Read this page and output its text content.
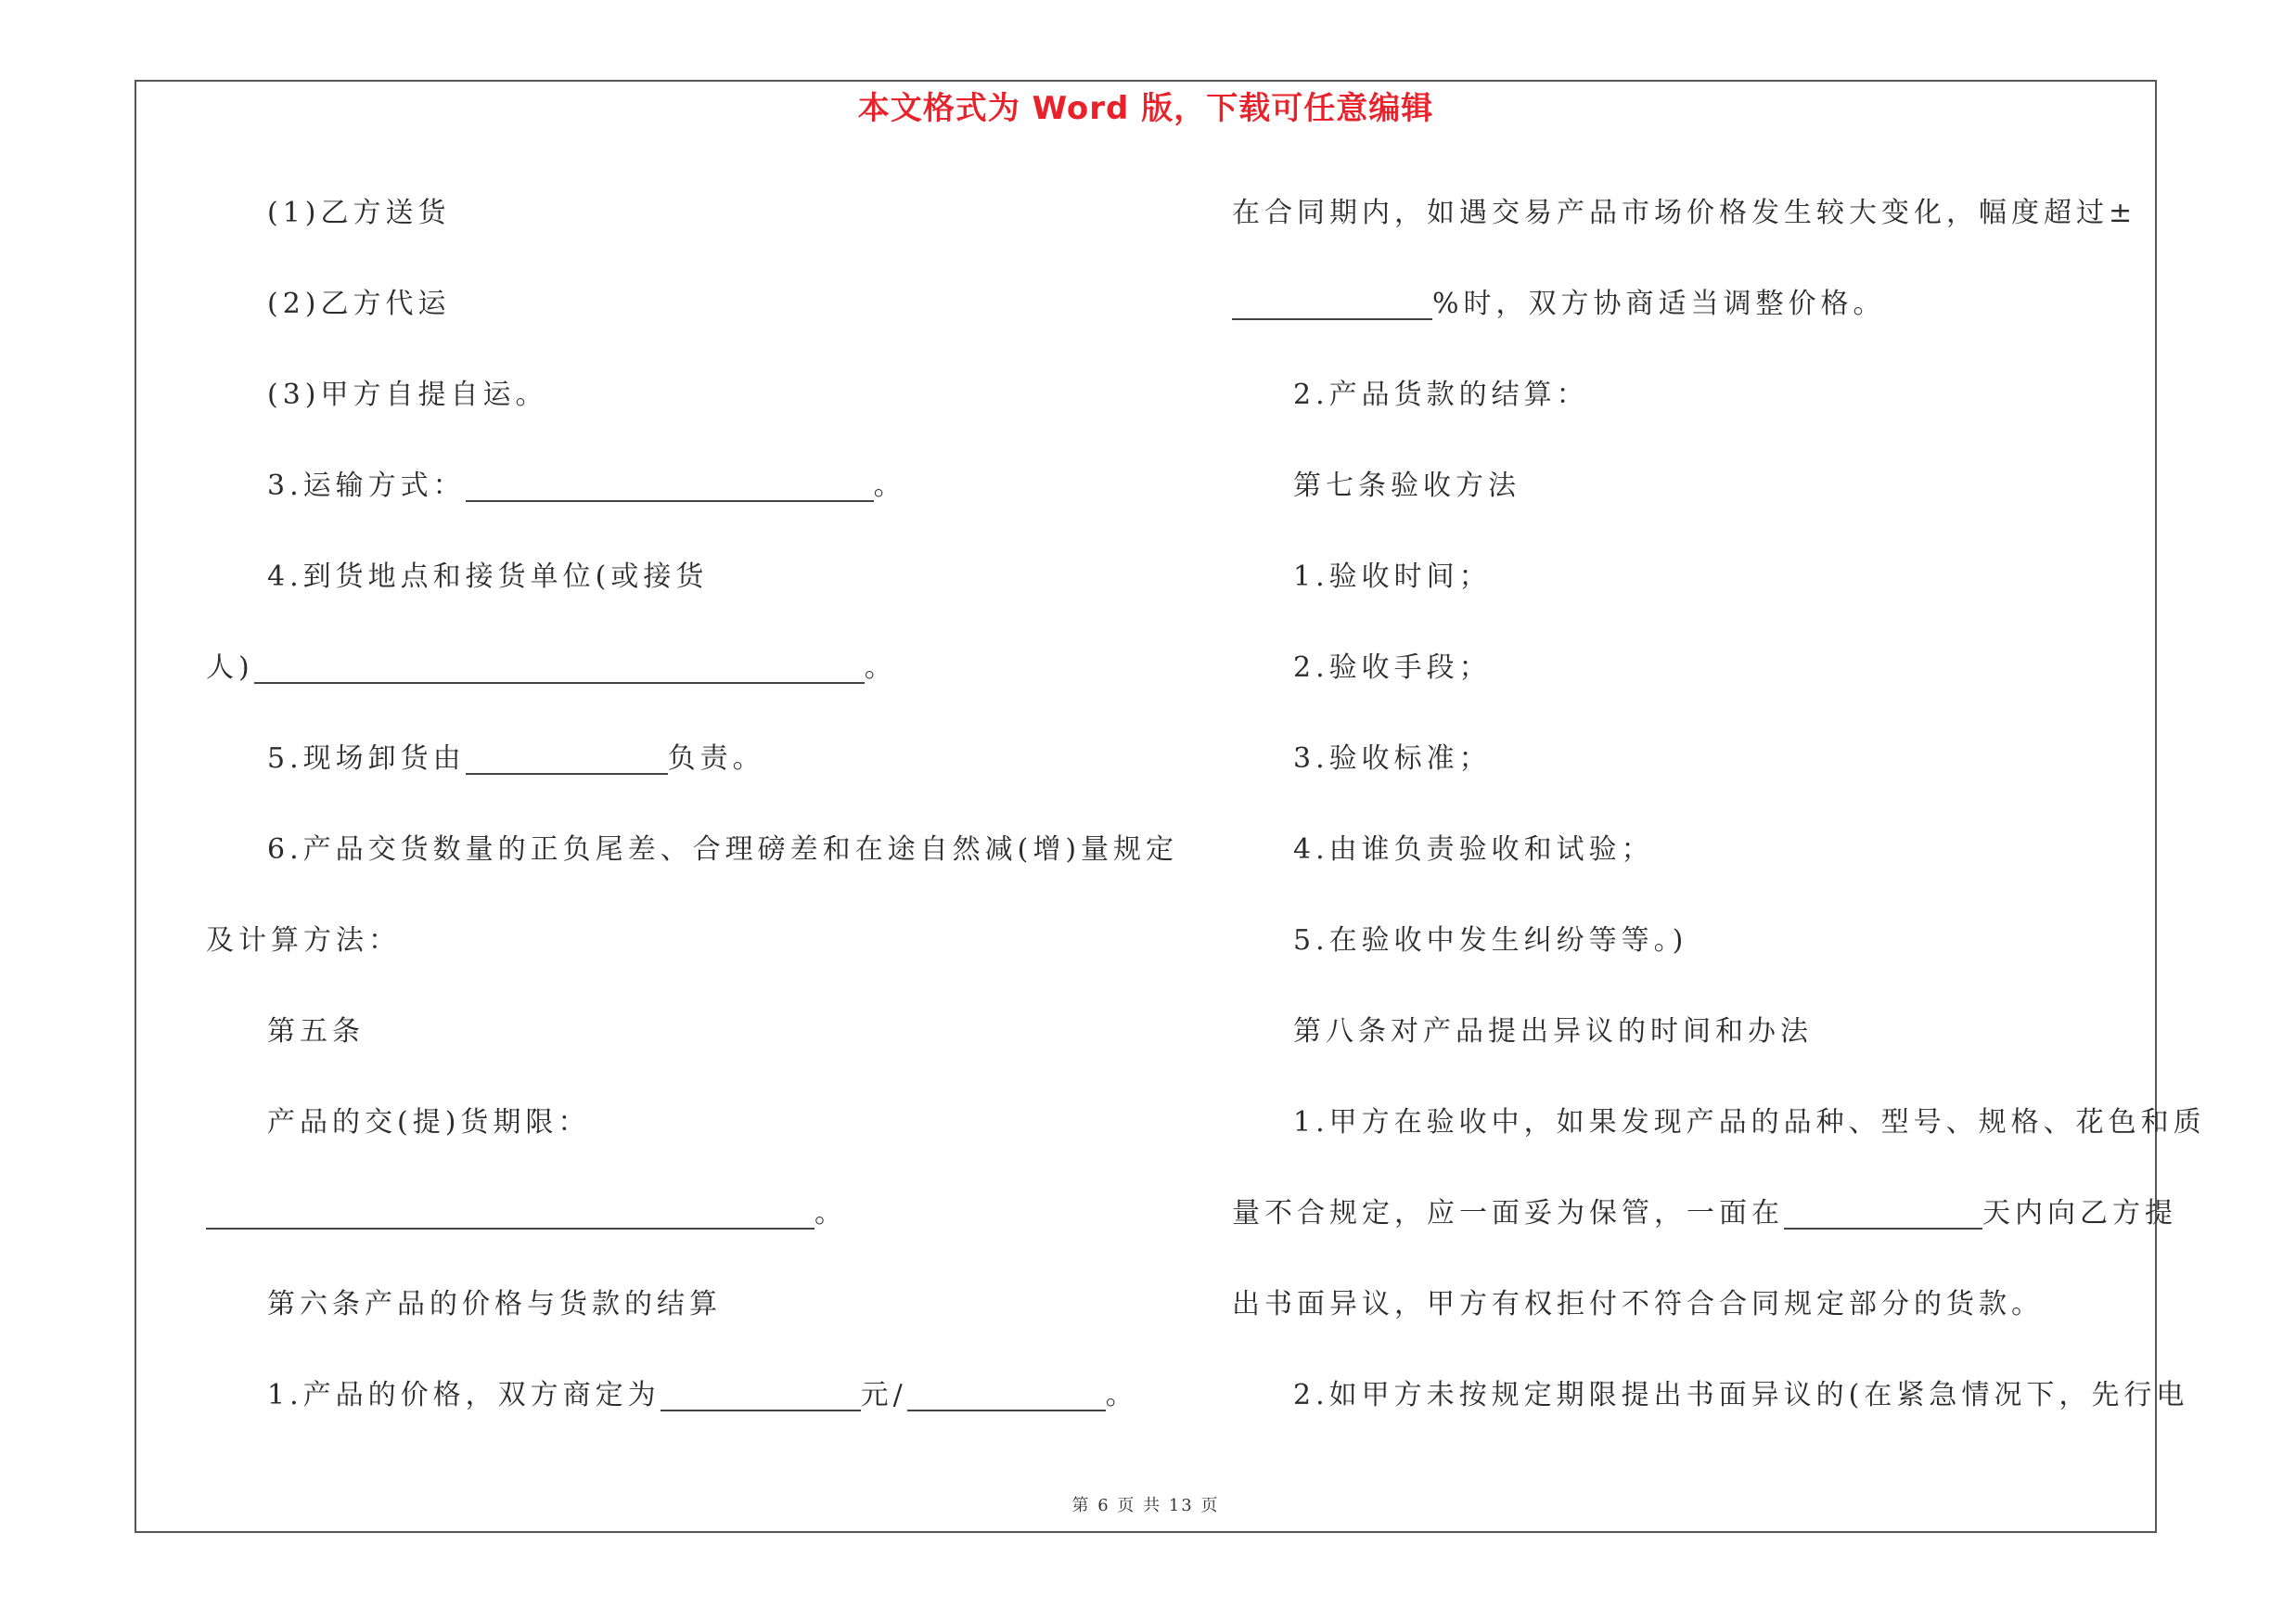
本文格式为 Word 版，下载可任意编辑
(1)乙方送货
(2)乙方代运
(3)甲方自提自运。
3.运输方式：	。
4.到货地点和接货单位(或接货
人)	。
5.现场卸货由	负责。
6.产品交货数量的正负尾差、合理磅差和在途自然减(增)量规定
及计算方法：
第五条
产品的交(提)货期限：
。
第六条产品的价格与货款的结算
1.产品的价格，双方商定为	元/	。
在合同期内，如遇交易产品市场价格发生较大变化，幅度超过±
%时，双方协商适当调整价格。
2.产品货款的结算：
第七条验收方法
1.验收时间；
2.验收手段；
3.验收标准；
4.由谁负责验收和试验；
5.在验收中发生纠纷等等。)
第八条对产品提出异议的时间和办法
1.甲方在验收中，如果发现产品的品种、型号、规格、花色和质
量不合规定，应一面妥为保管，一面在	天内向乙方提
出书面异议，甲方有权拒付不符合合同规定部分的货款。
2.如甲方未按规定期限提出书面异议的(在紧急情况下，先行电
第 6 页 共 13 页
